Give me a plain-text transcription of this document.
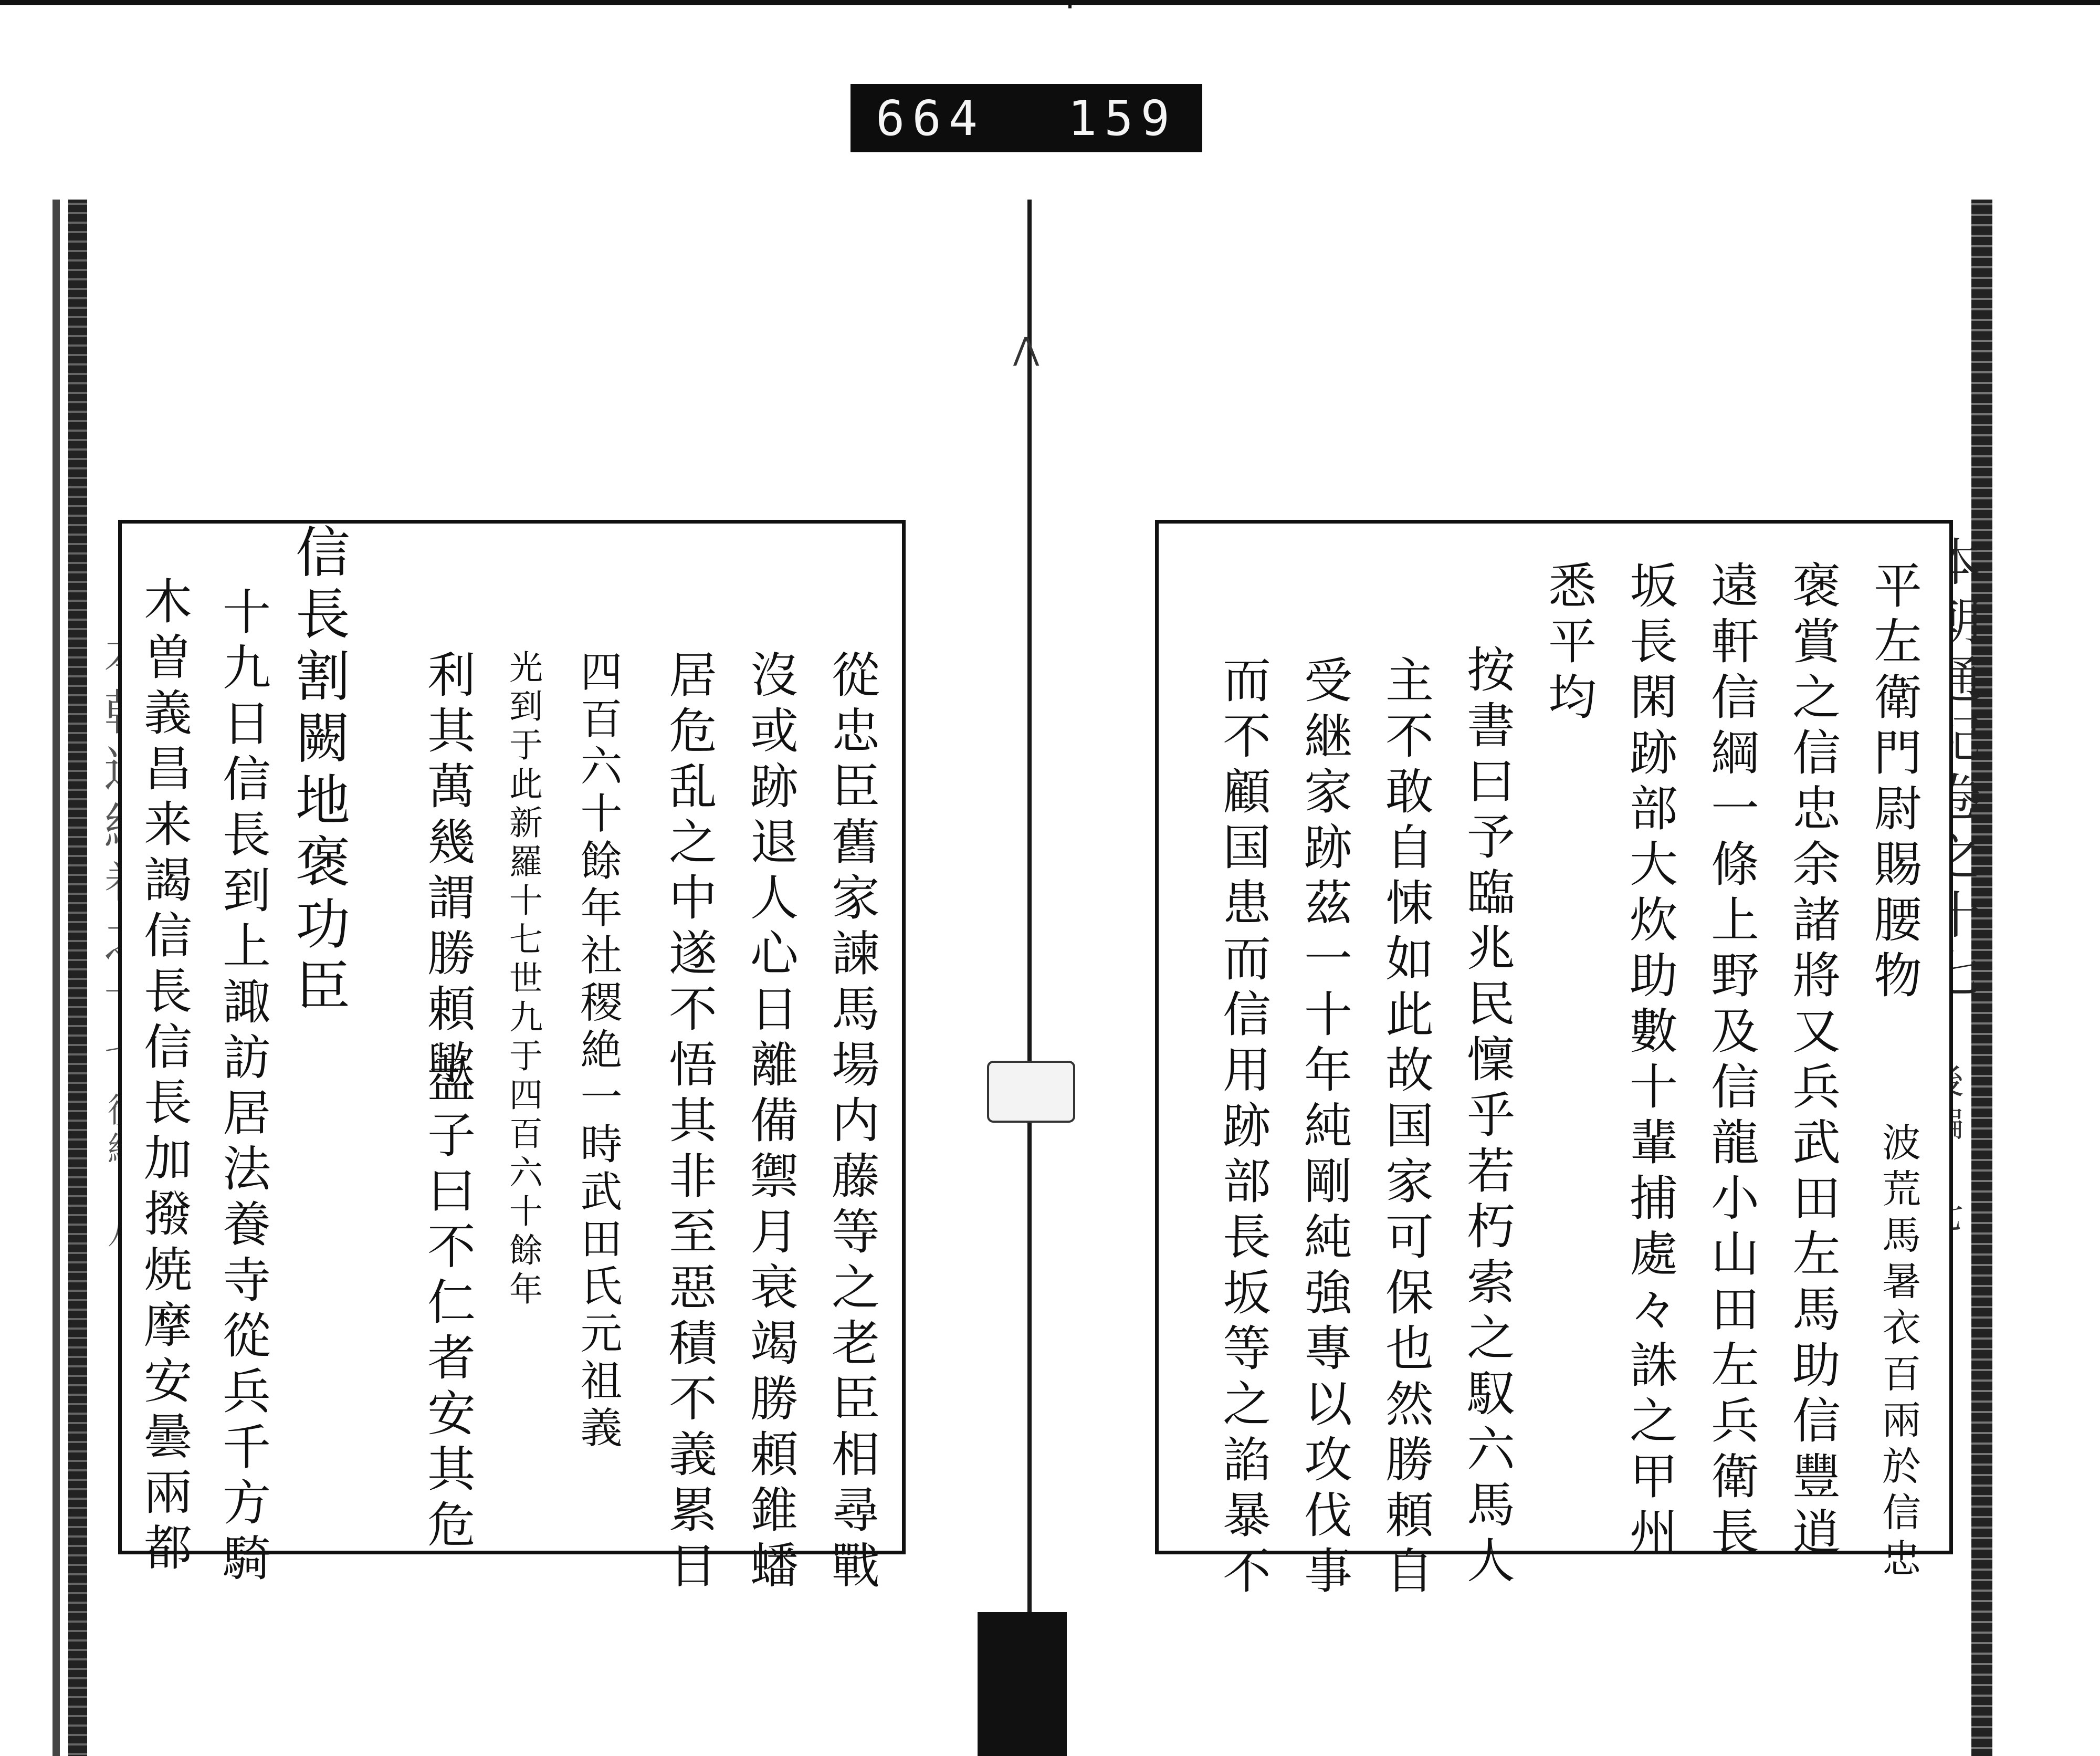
664 159
⋀
平左衛門尉賜腰物
波荒馬暑衣百兩於信忠
褒賞之信忠余諸將又兵武田左馬助信豐逍
遠軒信綱一條上野及信龍小山田左兵衛長
坂長閑跡部大炊助數十輩捕處々誅之甲州
悉平均
按書曰予臨兆民懍乎若朽索之馭六馬人
主不敢自悚如此故国家可保也然勝頼自
受継家跡茲一十年純剛純強專以攻伐事
而不顧国患而信用跡部長坂等之諂暴不
從忠臣舊家諫馬場内藤等之老臣相尋戰
沒或跡退人心日離備禦月衰竭勝頼錐蟠
居危乱之中遂不悟其非至惡積不義累日
四百六十餘年社稷絶一時武田氏元祖義
光到于此新羅十七世九于四百六十餘年
利其萬幾謂勝頼歟
孟子曰不仁者安其危
信長割闕地褒功臣
十九日信長到上諏訪居法養寺從兵千方騎
木曽義昌来謁信長信長加撥焼摩安曇兩都
